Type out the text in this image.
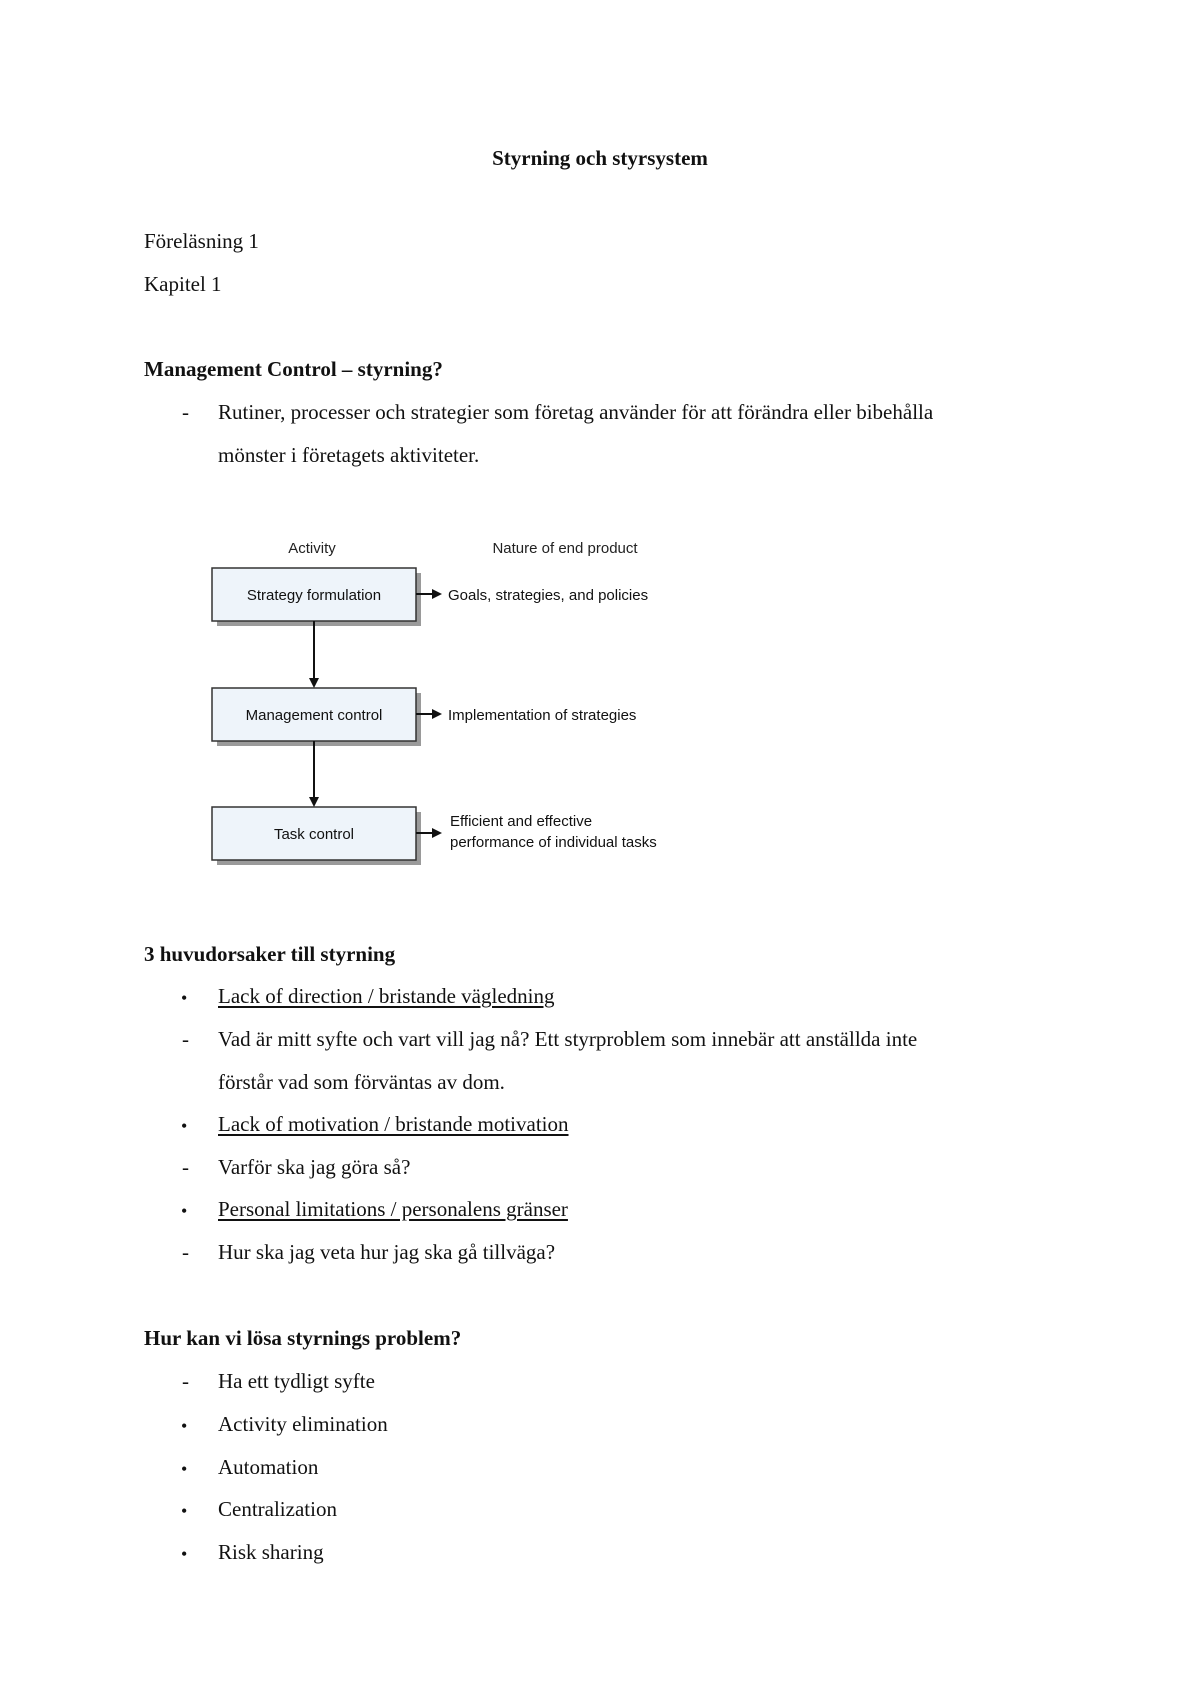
Styrning och styrsystem
Föreläsning 1
Kapitel 1
Management Control – styrning?
- Rutiner, processer och strategier som företag använder för att förändra eller bibehålla
mönster i företagets aktiviteter.
Activity	Nature of end product
Strategy formulation
Management control
Task control
Goals, strategies, and policies
Implementation of strategies
Efficient and effective
performance of individual tasks
3 huvudorsaker till styrning
• Lack of direction / bristande vägledning
- Vad är mitt syfte och vart vill jag nå? Ett styrproblem som innebär att anställda inte
förstår vad som förväntas av dom.
• Lack of motivation / bristande motivation
- Varför ska jag göra så?
• Personal limitations / personalens gränser
- Hur ska jag veta hur jag ska gå tillväga?
Hur kan vi lösa styrnings problem?
- Ha ett tydligt syfte
• Activity elimination
• Automation
• Centralization
• Risk sharing
